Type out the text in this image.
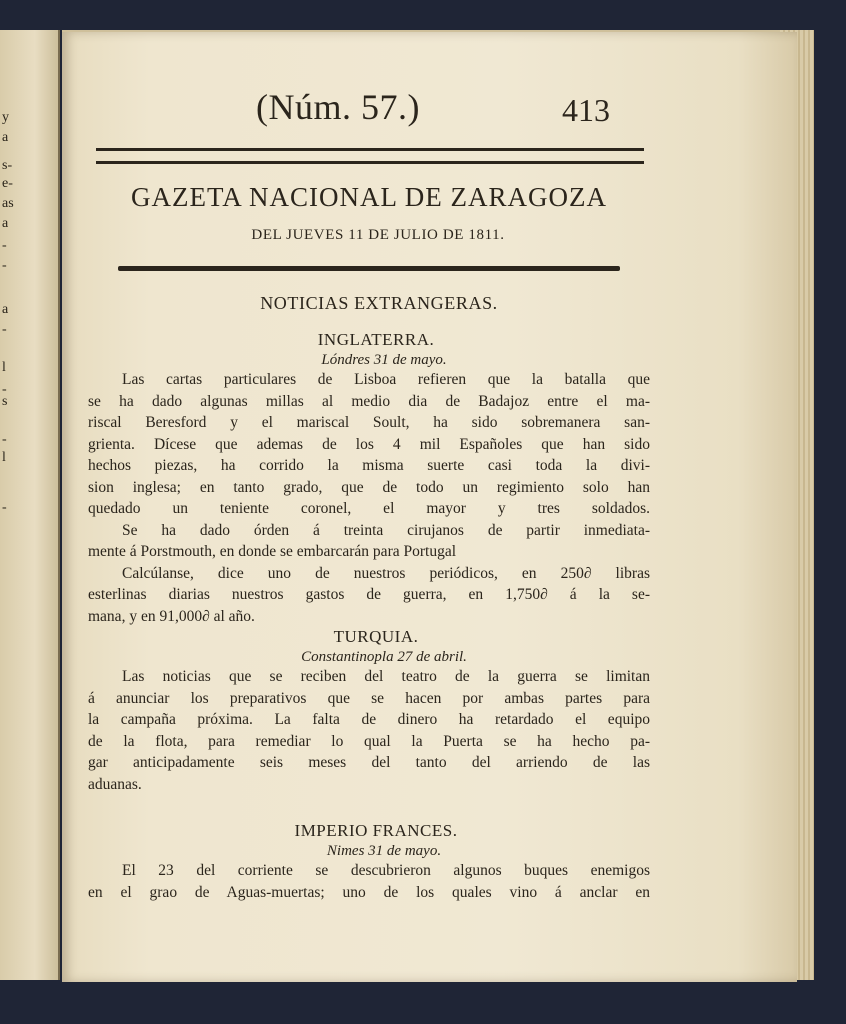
y
a
s-
e-
as
a
-
-
a
-
l
-
s
-
l
-
(Núm. 57.)	413
GAZETA NACIONAL DE ZARAGOZA
DEL JUEVES 11 DE JULIO DE 1811.
NOTICIAS EXTRANGERAS.
INGLATERRA.
Lóndres 31 de mayo.
Las cartas particulares de Lisboa refieren que la batalla que
se ha dado algunas millas al medio dia de Badajoz entre el ma-
riscal Beresford y el mariscal Soult, ha sido sobremanera san-
grienta. Dícese que ademas de los 4 mil Españoles que han sido
hechos piezas, ha corrido la misma suerte casi toda la divi-
sion inglesa; en tanto grado, que de todo un regimiento solo han
quedado un teniente coronel, el mayor y tres soldados.
Se ha dado órden á treinta cirujanos de partir inmediata-
mente á Porstmouth, en donde se embarcarán para Portugal
Calcúlanse, dice uno de nuestros periódicos, en 250∂ libras
esterlinas diarias nuestros gastos de guerra, en 1,750∂ á la se-
mana, y en 91,000∂ al año.
TURQUIA.
Constantinopla 27 de abril.
Las noticias que se reciben del teatro de la guerra se limitan
á anunciar los preparativos que se hacen por ambas partes para
la campaña próxima. La falta de dinero ha retardado el equipo
de la flota, para remediar lo qual la Puerta se ha hecho pa-
gar anticipadamente seis meses del tanto del arriendo de las
aduanas.
IMPERIO FRANCES.
Nimes 31 de mayo.
El 23 del corriente se descubrieron algunos buques enemigos
en el grao de Aguas-muertas; uno de los quales vino á anclar en
